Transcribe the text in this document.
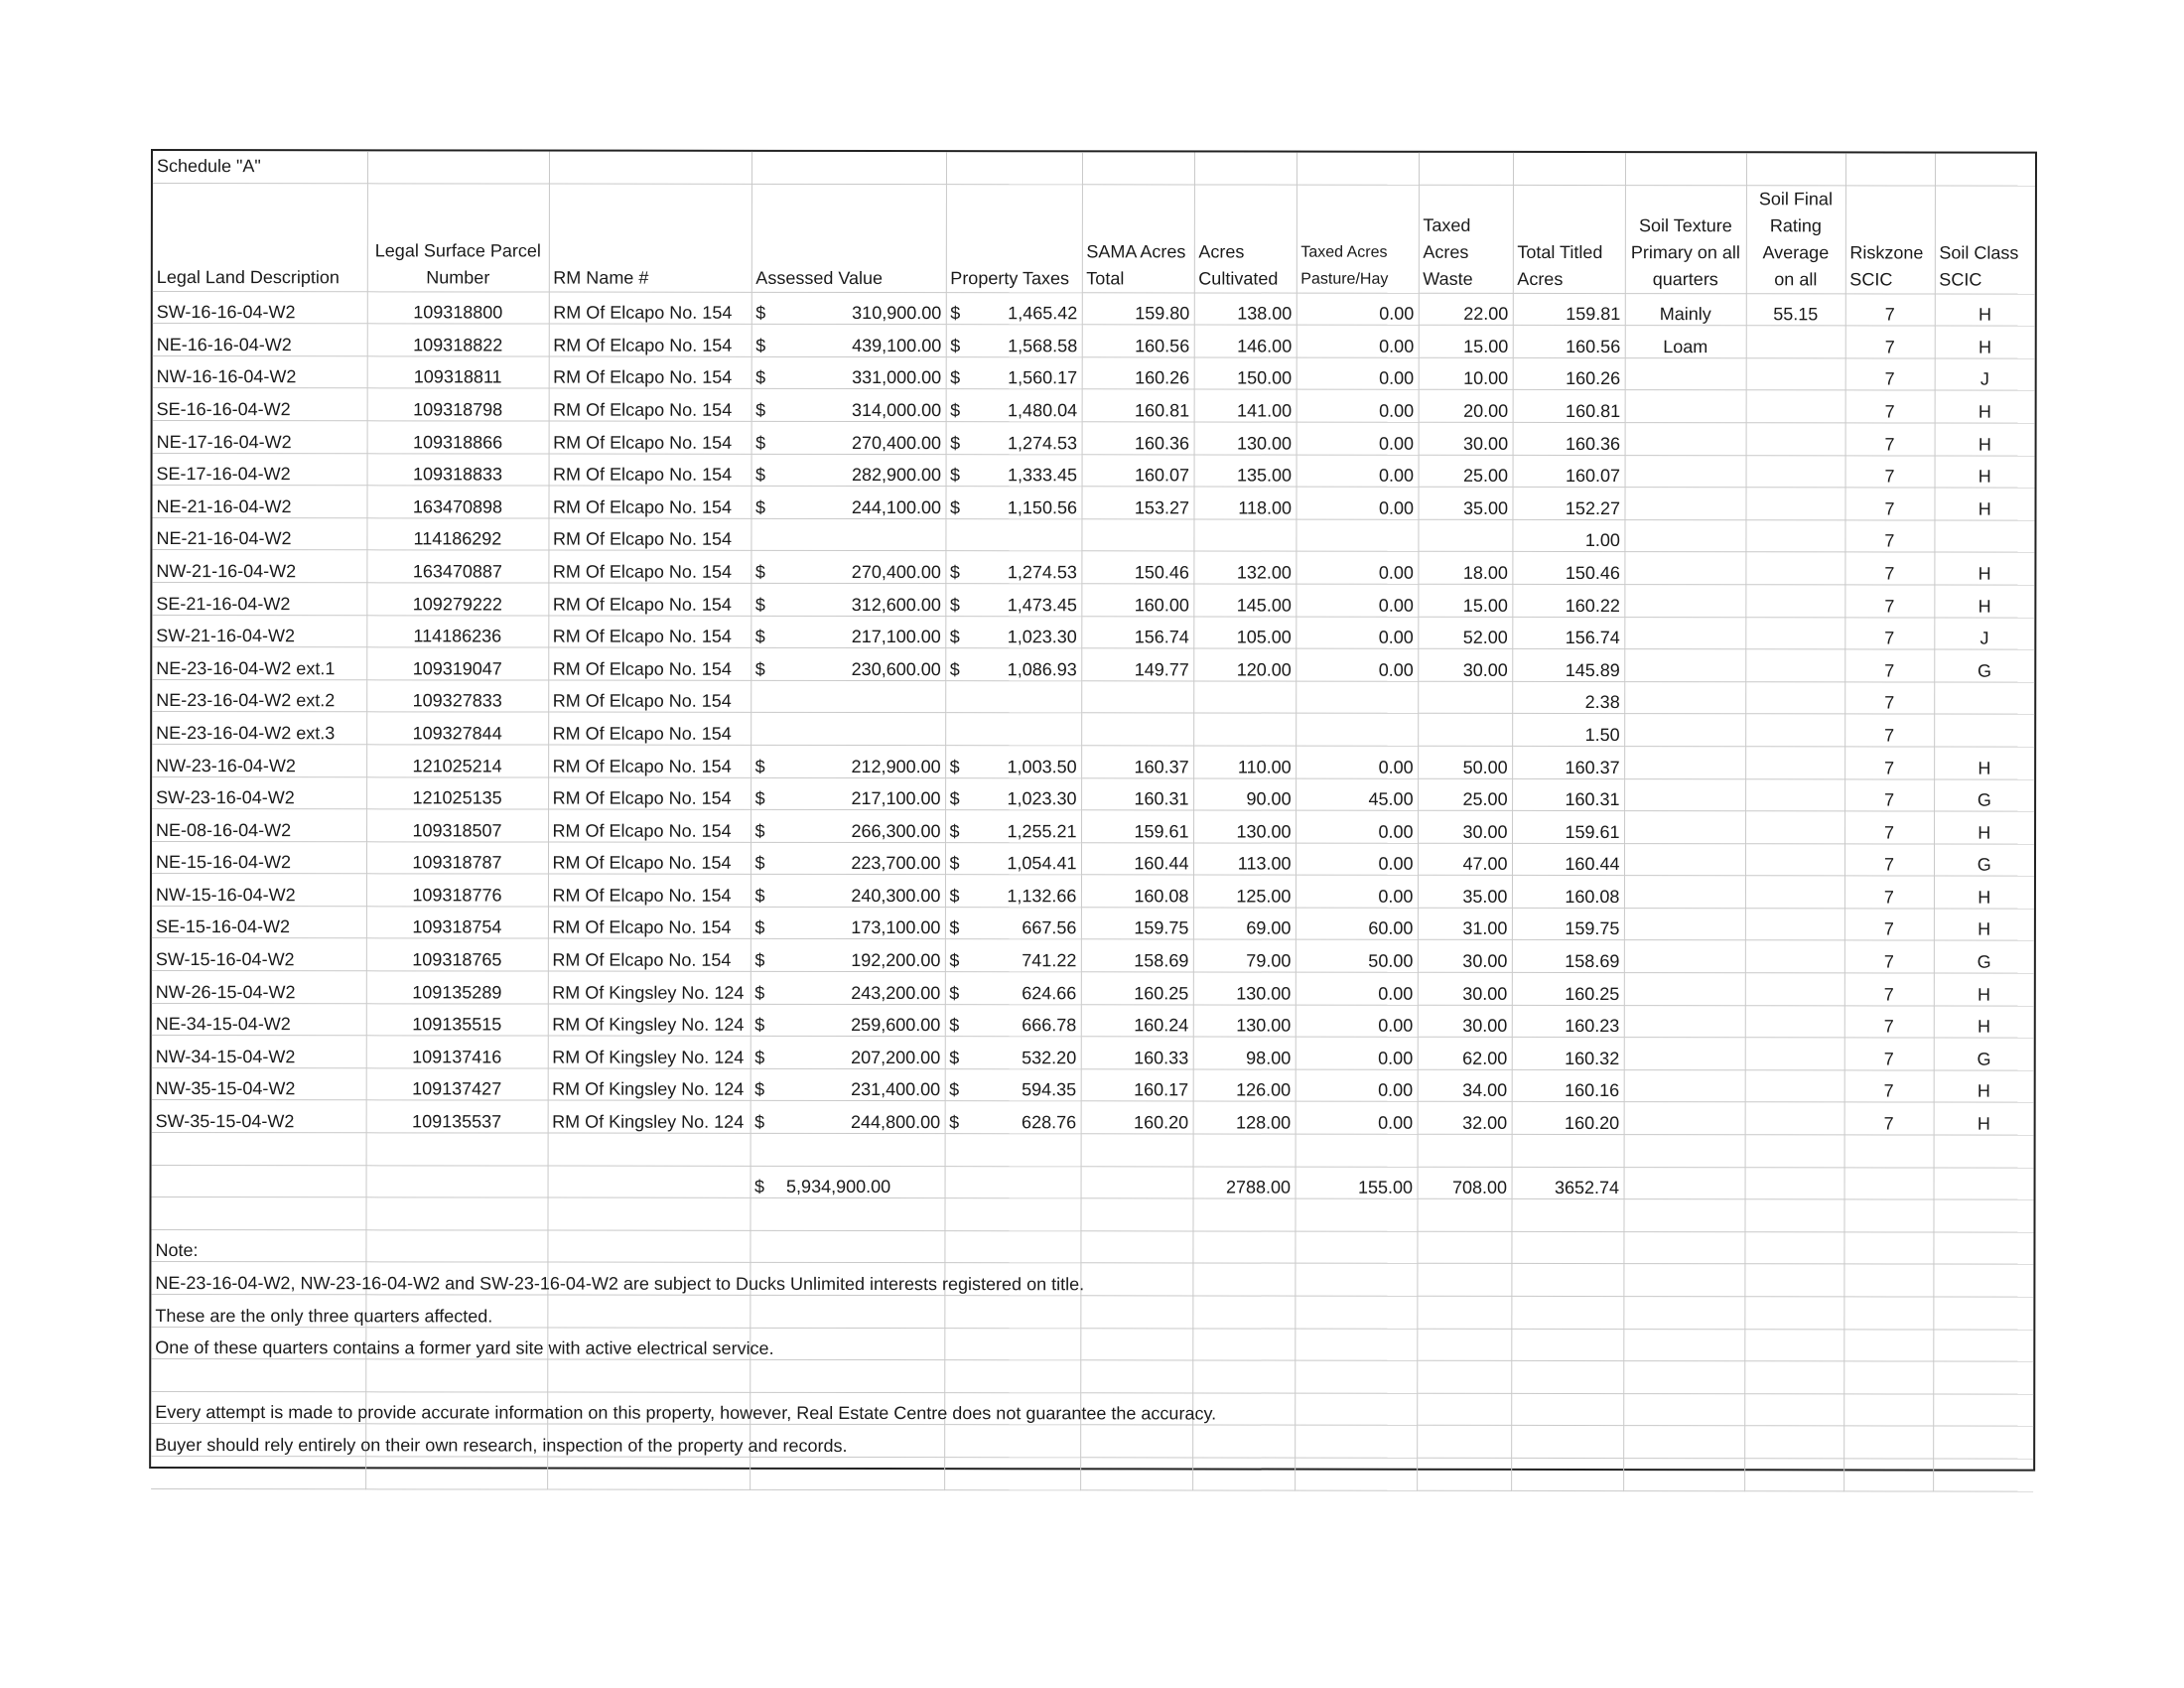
Schedule "A"													
Legal Land Description	Legal Surface Parcel Number	RM Name #	Assessed Value	Property Taxes	SAMA Acres Total	Acres Cultivated	Taxed Acres Pasture/Hay	Taxed Acres Waste	Total Titled Acres	Soil Texture Primary on all quarters	Soil Final Rating Average on all	Riskzone SCIC	Soil Class SCIC
SW-16-16-04-W2	109318800	RM Of Elcapo No. 154	$ 310,900.00	$ 1,465.42	159.80	138.00	0.00	22.00	159.81	Mainly	55.15	7	H
NE-16-16-04-W2	109318822	RM Of Elcapo No. 154	$ 439,100.00	$ 1,568.58	160.56	146.00	0.00	15.00	160.56	Loam		7	H
NW-16-16-04-W2	109318811	RM Of Elcapo No. 154	$ 331,000.00	$ 1,560.17	160.26	150.00	0.00	10.00	160.26			7	J
SE-16-16-04-W2	109318798	RM Of Elcapo No. 154	$ 314,000.00	$ 1,480.04	160.81	141.00	0.00	20.00	160.81			7	H
NE-17-16-04-W2	109318866	RM Of Elcapo No. 154	$ 270,400.00	$ 1,274.53	160.36	130.00	0.00	30.00	160.36			7	H
SE-17-16-04-W2	109318833	RM Of Elcapo No. 154	$ 282,900.00	$ 1,333.45	160.07	135.00	0.00	25.00	160.07			7	H
NE-21-16-04-W2	163470898	RM Of Elcapo No. 154	$ 244,100.00	$ 1,150.56	153.27	118.00	0.00	35.00	152.27			7	H
NE-21-16-04-W2	114186292	RM Of Elcapo No. 154							1.00			7	
NW-21-16-04-W2	163470887	RM Of Elcapo No. 154	$ 270,400.00	$ 1,274.53	150.46	132.00	0.00	18.00	150.46			7	H
SE-21-16-04-W2	109279222	RM Of Elcapo No. 154	$ 312,600.00	$ 1,473.45	160.00	145.00	0.00	15.00	160.22			7	H
SW-21-16-04-W2	114186236	RM Of Elcapo No. 154	$ 217,100.00	$ 1,023.30	156.74	105.00	0.00	52.00	156.74			7	J
NE-23-16-04-W2 ext.1	109319047	RM Of Elcapo No. 154	$ 230,600.00	$ 1,086.93	149.77	120.00	0.00	30.00	145.89			7	G
NE-23-16-04-W2 ext.2	109327833	RM Of Elcapo No. 154							2.38			7	
NE-23-16-04-W2 ext.3	109327844	RM Of Elcapo No. 154							1.50			7	
NW-23-16-04-W2	121025214	RM Of Elcapo No. 154	$ 212,900.00	$ 1,003.50	160.37	110.00	0.00	50.00	160.37			7	H
SW-23-16-04-W2	121025135	RM Of Elcapo No. 154	$ 217,100.00	$ 1,023.30	160.31	90.00	45.00	25.00	160.31			7	G
NE-08-16-04-W2	109318507	RM Of Elcapo No. 154	$ 266,300.00	$ 1,255.21	159.61	130.00	0.00	30.00	159.61			7	H
NE-15-16-04-W2	109318787	RM Of Elcapo No. 154	$ 223,700.00	$ 1,054.41	160.44	113.00	0.00	47.00	160.44			7	G
NW-15-16-04-W2	109318776	RM Of Elcapo No. 154	$ 240,300.00	$ 1,132.66	160.08	125.00	0.00	35.00	160.08			7	H
SE-15-16-04-W2	109318754	RM Of Elcapo No. 154	$ 173,100.00	$ 667.56	159.75	69.00	60.00	31.00	159.75			7	H
SW-15-16-04-W2	109318765	RM Of Elcapo No. 154	$ 192,200.00	$ 741.22	158.69	79.00	50.00	30.00	158.69			7	G
NW-26-15-04-W2	109135289	RM Of Kingsley No. 124	$ 243,200.00	$ 624.66	160.25	130.00	0.00	30.00	160.25			7	H
NE-34-15-04-W2	109135515	RM Of Kingsley No. 124	$ 259,600.00	$ 666.78	160.24	130.00	0.00	30.00	160.23			7	H
NW-34-15-04-W2	109137416	RM Of Kingsley No. 124	$ 207,200.00	$ 532.20	160.33	98.00	0.00	62.00	160.32			7	G
NW-35-15-04-W2	109137427	RM Of Kingsley No. 124	$ 231,400.00	$ 594.35	160.17	126.00	0.00	34.00	160.16			7	H
SW-35-15-04-W2	109135537	RM Of Kingsley No. 124	$ 244,800.00	$ 628.76	160.20	128.00	0.00	32.00	160.20			7	H

			$ 5,934,900.00			2788.00	155.00	708.00	3652.74				

Note:													
NE-23-16-04-W2, NW-23-16-04-W2 and SW-23-16-04-W2 are subject to Ducks Unlimited interests registered on title.													
These are the only three quarters affected.													
One of these quarters contains a former yard site with active electrical service.													

Every attempt is made to provide accurate information on this property, however, Real Estate Centre does not guarantee the accuracy.													
Buyer should rely entirely on their own research, inspection of the property and records.													
